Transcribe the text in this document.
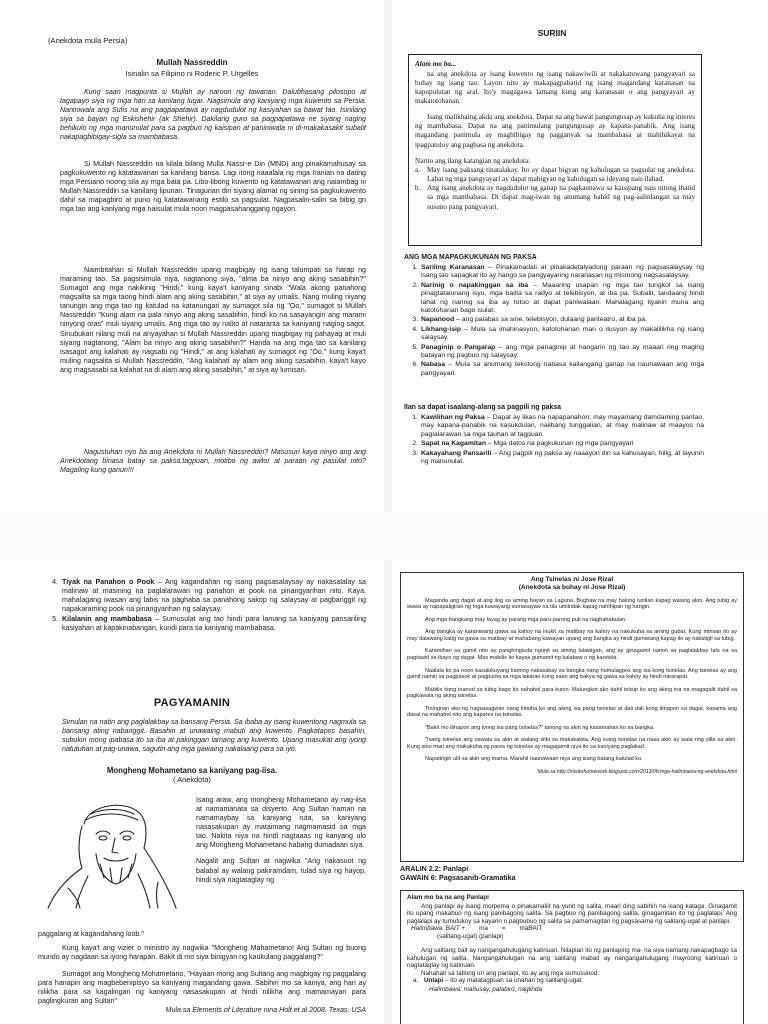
(Anekdota mula Persia)
Mullah Nassreddin
Isinalin sa Filipino ni Roderic P. Urgelles

Kung saan magpunta si Mullah ay naroon ng tawanan. Dalubhasang pilosopo at tagapayo siya ng mga hari sa kanilang lugar. Nagsimula ang kaniyang mga kuwento sa Persia. Naniniwala ang Sufis na ang pagpapatawa ay nagdudulot ng kasiyahan sa bawat tao. Isinilang siya sa bayan ng Eskishehir (ak Shehir). Dakilang guro sa pagpapatawa ne siyang naging behikulo ng mga manunulat para sa pagbuo ng kaisipan at paniniwala ni di-makakasakit subalit nakapagbibigay-sigla sa mambabasa.

Si Mullah Nassreddin na kilala bilang Mulla Nassr-e Din (MND) ang pinakamahusay sa pagkukuwento ng katatawanan sa kanilang bansa. Lagi itong naaalala ng mga Iranian na dating mga Persiano noong sila ay mga bata pa. Libo-libong kuwento ng katatawanan ang naiambag ni Mullah Nassreddin sa kanilang lipunan. Tinagurian din siyang alamat ng sining sa pagkukuwento dahil sa mapagbiro at puno ng katatawanang estilo sa pagsulat. Nagpasalin-salin sa bibig gn mga tao ang kaniyang mga naisulat mula noon magpasahanggang ngayon.

Naimbitahan si Mullah Nassreddin upang magbigay ng isang talumpati sa harap ng maraming tao. Sa pagsisimula niya, nagtanong siya, "alma ba ninyo ang aking sasabihin?" Sumagot ang mga nakikinig "Hindi," kung kaya't kaniyang sinabi "Wala akong panahong magsalita sa mga taong hindi alam ang aking sasabihin," at siya ay umalis. Nang muling niyang tanungin ang mga tao ng katulad na katanungan ay sumagot sila ng "Oo," sumagot si Mullah Nassreddin "Kung alam na pala ninyo ang aking sasabihin, hindi ko na sasayangin ang marami ninyong oras" muli siyang umalis. Ang mga tao ay nalito at nataranta sa kaniyang naging sagot. Sinubukan nilang muli na anyayahan si Mullah Nassreddin upang magbigay ng pahayag at muli siyang nagtanong, "Alam ba ninyo ang aking sasabihin?" Handa na ang mga tao sa kanilang isasagot ang kalahati ay nagsabi ng "Hindi," at ang kalahati ay sumagot ng "Oo," kung kaya't muling nagsalita si Mullah Nassreddin, "Ang kalahati ay alam ang aking sasabihin, kaya't kayo ang magsasabi sa kalahat na di alam ang aking sasabihin," at siya ay lumisan.

Nagustuhan nyo ba ang Anekdota ni Mullah Nassreddin? Masusuri kaya ninyo ang ang Anekdotang binasa batay sa paksa,tagpuan, motibo ng awtor at paraan ng pasulat nito? Magaling kung ganun!!!

SURIIN

Alam mo ba...

na ang anekdota ay isang kuwento ng isang nakawiwili at nakakatuwang pangyayari sa buhay ng isang tao. Layon nito ay makapagpabatid ng isang magandang karanasan na kapupulutan ng aral. Ito'y magagawa lamang kung ang karanasan o ang pangyayari ay makatotohanan.

Isang malikhaing akda ang anekdota. Dapat na ang bawat pangungusap ay kukuha ng interes ng mambabasa. Dapat na ang panimulang pangungusap ay kapana-panabik. Ang isang magandang panimula ay magbibigay ng pagganyak sa mambabasa at mahihikayat na ipagpatuloy ang pagbasa ng anekdota.

Narito ang ilang katangian ng anekdota:

a. May isang paksang tinatalakay. Ito ay dapat bigyan ng kahulugan sa pagsulat ng anekdota. Lahat ng mga pangyayari ay dapat mabigyan ng kahulugan sa ideyang nais ilahad.
b. Ang isang anekdota ay nagdudulot ng ganap na pagkaunawa sa kaisipang nais nitong ihatid sa mga mambabasa. Di dapat mag-iwan ng anumang bahid ng pag-aalinlangan sa may susuno pang pangyayari.
ANG MGA MAPAGKUKUNAN NG PAKSA
1. Sariling Karanasan – Pinakamadali at pinakadetalyadong paraan ng pagsasalaysay ng isang tao sapagkat ito ay hango sa pangyayaring naranasan ng mismong nagsasalaysay.
2. Narinig o napakinggan sa iba – Maaaring usapan ng mga tao tungkol sa isang pinagtatalunang isyu, mga balita sa radyo at telebisyon, at iba pa. Subalit, tandaang hindi lahat ng narinig sa iba ay totoo at dapat paniwalaan. Mahalagang tiyakin muna ang katotohanan bago isulat.
3. Napanood – ang palabas sa sine, telebisyon, dulaang panteatro, at iba pa.
4. Likhang-isip – Mula sa imahinasyon, katotohanan man o ilusyon ay makalilikha ng isang salaysay.
5. Panaginip o Pangarap – ang mga panaginip at hangarin ng tao ay maaari ring maging batayan ng pagbuo ng salaysay.
6. Nabasa – Mula sa anumang tekstong nabasa kailangang ganap na naunawaan ang mga pangyayari.
Ilan sa dapat isaalang-alang sa pagpili ng paksa
1. Kawilihan ng Paksa – Dapat ay likas na napapanahon; may mayamang damdaming pantao, may kapana-panabik na kasukdulan, naiibang tunggalian, at may malinaw at maayos na paglalarawan sa mga tauhan at tagpuan.
2. Sapat na Kagamitan – Mga datos na pagkukunan ng mga pangyayari
3. Kakayahang Pansarili – Ang pagpili ng paksa ay naaayon din sa kahusayan, hilig, at layunin ng manunulat.
4. Tiyak na Panahon o Pook – Ang kagandahan ng isang pagsasalaysay ay nakasalalay sa malinaw at masining na paglalarawan ng panahon at pook na pinangyarihan nito. Kaya, mahalagang iwasan ang labis na paghaba sa panahong sakop ng salaysay at pagbanggit ng napakaraming pook na pinangyarihan ng salaysay.
5. Kilalanin ang mambabasa – Sumusulat ang tao hindi para lamang sa kaniyang pansariling kasiyahan at kapakinabangan, kundi para sa kaniyang mambabasa.
PAGYAMANIN

Simulan na natin ang paglalakbay sa bansang Persia. Sa ibaba ay isang kuwentong nagmula sa bansang ating nabanggit. Basahin at unawaing mabuti ang kuwento. Pagkatapos basahin, subukin mong ipabasa ito sa iba at pakinggan lamang ang kuwento. Upang masukat ang iyong natutuhan at pag-unawa, sagutin ang mga gawaing nakalaang para sa iyo.

Mongheng Mohametano sa kaniyang pag-iisa.
( Anekdota)

Isang araw, ang mongheng Mohametano ay nag-iisa at namamanata sa disyerto. Ang Sultan naman na namamaybay sa kaniyang ruta, sa kaniyang nasasakupan ay mataimang nagmamasid sa mga tao. Nakita niya na hindi nagtaaas ng kanyang ulo ang Mongheng Mohametano habang dumadaan siya.

Nagalit ang Sultan at nagwika "Ang nakasuot ng balabal ay walang pakiramdam, tulad siya ng hayop, hindi siya nagtataglay ng

paggalang at kagandahang loob."

Kung kaya't ang vizier o ministro ay nagwika "Mongheng Mahametano! Ang Sultan ng buong mundo ay nagdaan sa iyong harapan. Bakit di mo siya binigyan ng kaukulang paggalang?"

Sumagot ang Mongheng Mohametano, "Hayaan mong ang Sultang ang magbigay ng paggalang para hanapin ang magbebenipisyo sa kaniyang magandang gawa. Sabihin mo sa kaniya, ang hari ay nilikha para sa kagalingan ng kaniyang nasasakupan at hindi nilikha ang mamamayan para paglingkuran ang Sultan"

Mula sa Elements of Literature nina Holt et al 2008. Texas, USA

Ang Tsinelas ni Jose Rizal
(Anekdota sa buhay ni Jose Rizal)

Maganda ang dagat at ang ilog sa aming bayan sa Laguna. Bughaw na may halong luntian kapag walang alon. Ang tubig ay wawa ay napapaligiran ng mga kawayang sumasayaw na tila umiindak kapag nahihipan ng hangin.

Ang mga bangkang may layag ay parang mga paru-parong puti na naghahabulan.

Ang bangka ay karaniwang gawa sa kahoy na inukit sa matibay na kahoy na nakukuha sa aming gubat. Kung minsan ito ay may dalawang katig na gawa sa matibay at mahabang kawayan upang ang bangka ay hindi gumiwang kapag ito ay nakatigil sa tubig.

Karamihan sa gamit nito ay panghingisda ngunit sa aming lalawigan, ang ay ginagamit namin sa paglalakbay lalo na sa pagtawid sa ibayo ng dagat. Mas mabilis ito kaysa gumamit ng kalabaw o ng karetela.

Naalala ko pa noon kasalukuyang kaming nakasakay sa bangka nang humulagpos ang isa kong tsinelas. Ang tsinelas ay ang gamit namin sa pagpasok at pagpunta sa mga lakaran kung saan ang bakya ng gawa sa kahoy ay hindi nararapat.

Mabilis itong inanod sa tubig bago ko nahabol para kunin. Malungkot ako dahil iniisip ko ang aking ina na magagalit dahil sa pagkawala ng aking tsinelas.

Tiningnan ako ng nagsasagwan nang kinuha ko ang aking isa pang tsinelas at dali dali kong itinapon sa dagat, kasama ang dasal na mahabol nito ang kapares na tsinelas.

"Bakit mo itinapon ang iyong isa pang tsinelas?" tanong sa akin ng kasamahan ko sa bangka.

"Isang tsinelas ang nawala sa akin at walang silbi sa makakakita. Ang isang tsinelas na nasa akin ay wala ring silbi sa akin. Kung sino man ang makakuha ng pares ng tsinelas ay magagamit niya ito sa kaniyang paglakad.

Napatingin ulit sa akin ang mama. Marahil naunawaan niya ang isang batang katulad ko.

Mula sa http://misterhomework.blogspot.com/2013/06/mga-halimbawa-ng-anekdota.html

ARALIN 2.2: Panlapi
GAWAIN 6: Pagsasanib-Gramatika

Alam mo ba na ang Panlapi

Ang panlapi ay isang morpema o pinakamaliit na yunit ng salita, maari ding sabihin na isang kataga. Ginagamit ito upang makabuo ng isang panibagong salita. Sa pagbuo ng panibagong salita, ginagamitan ito ng paglalapi. Ang paglalapi ay tumutukoy sa kayarin o pagbubuo ng salita sa pamamagitan ng pagsasama ng salitang-ugat at panlapi.

Halimbawa: BAIT + ma = maBAIT
(salitang-ugat) (panlapi)

Ang salitang bait ay nangangahulugang katinuan. Nilapian ito ng panlaping ma- na siya namang nakapagbago sa kahulugan ng salita. Nangangahulugan na ang salitang mabait ay nangangahulugang mayroong katinuan o nagtataglay ng katinuan.

Nahahati sa tatlong uri ang panlapi, ito ay ang mga sumusunod:

a. Unlapi – ito ay matatagpuan sa unahan ng salitang-ugat.

Halimbawa: mahusay, palabiro, naglinda
